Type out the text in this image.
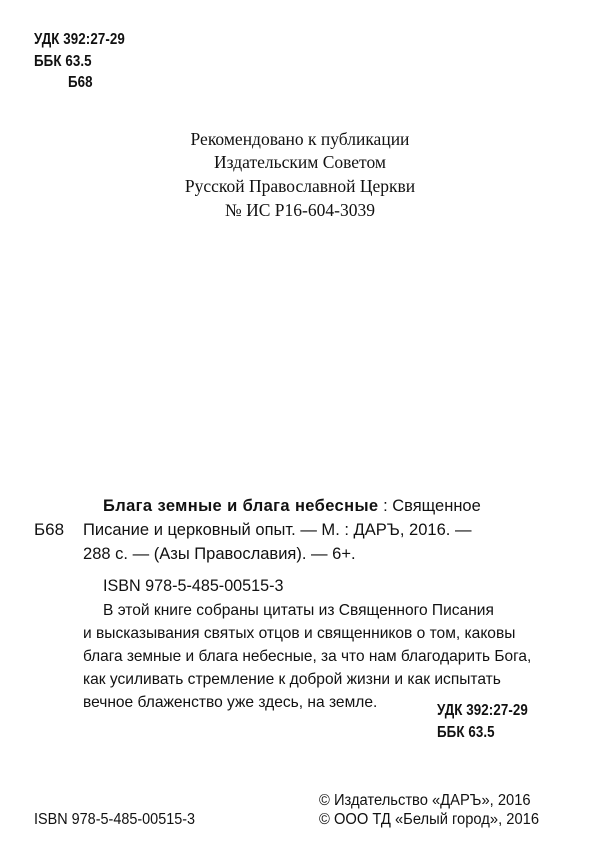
УДК 392:27-29
ББК 63.5
Б68
Рекомендовано к публикации
Издательским Советом
Русской Православной Церкви
№ ИС Р16-604-3039
Б68
Блага земные и блага небесные : Священное
Писание и церковный опыт. — М. : ДАРЪ, 2016. —
288 с. — (Азы Православия). — 6+.
ISBN 978-5-485-00515-3
В этой книге собраны цитаты из Священного Писания
и высказывания святых отцов и священников о том, каковы
блага земные и блага небесные, за что нам благодарить Бога,
как усиливать стремление к доброй жизни и как испытать
вечное блаженство уже здесь, на земле.	УДК 392:27-29
ББК 63.5
ISBN 978-5-485-00515-3
© Издательство «ДАРЪ», 2016
© ООО ТД «Белый город», 2016
